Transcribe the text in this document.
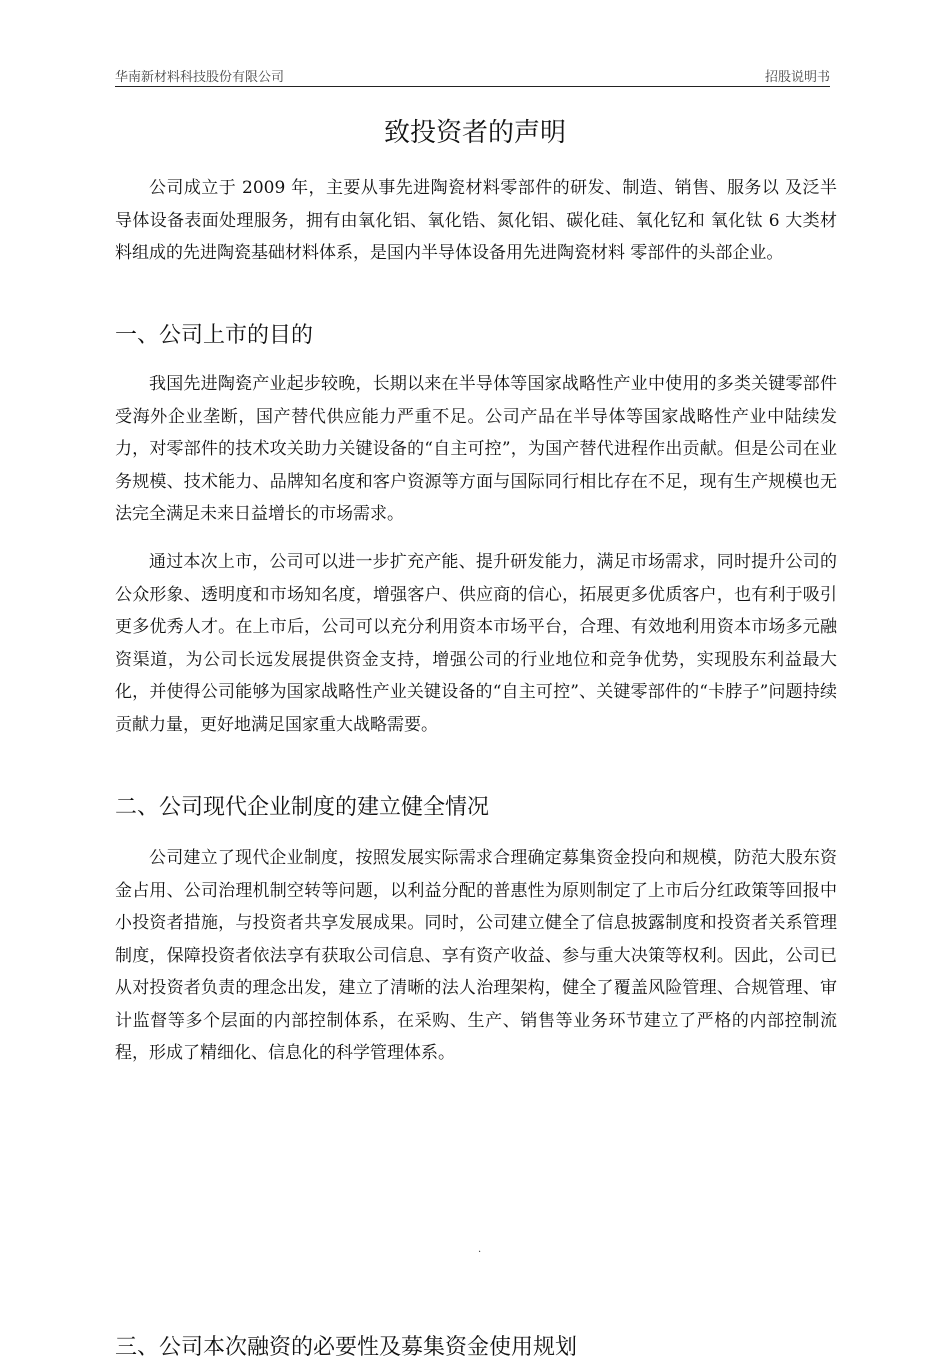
华南新材料科技股份有限公司	招股说明书
致投资者的声明

公司成立于 2009 年，主要从事先进陶瓷材料零部件的研发、制造、销售、服务以 及泛半导体设备表面处理服务，拥有由氧化铝、氧化锆、氮化铝、碳化硅、氧化钇和 氧化钛 6 大类材料组成的先进陶瓷基础材料体系，是国内半导体设备用先进陶瓷材料 零部件的头部企业。

一、公司上市的目的

我国先进陶瓷产业起步较晚，长期以来在半导体等国家战略性产业中使用的多类关键零部件受海外企业垄断，国产替代供应能力严重不足。公司产品在半导体等国家战略性产业中陆续发力，对零部件的技术攻关助力关键设备的“自主可控”，为国产替代进程作出贡献。但是公司在业务规模、技术能力、品牌知名度和客户资源等方面与国际同行相比存在不足，现有生产规模也无法完全满足未来日益增长的市场需求。

通过本次上市，公司可以进一步扩充产能、提升研发能力，满足市场需求，同时提升公司的公众形象、透明度和市场知名度，增强客户、供应商的信心，拓展更多优质客户，也有利于吸引更多优秀人才。在上市后，公司可以充分利用资本市场平台，合理、有效地利用资本市场多元融资渠道，为公司长远发展提供资金支持，增强公司的行业地位和竞争优势，实现股东利益最大化，并使得公司能够为国家战略性产业关键设备的“自主可控”、关键零部件的“卡脖子”问题持续贡献力量，更好地满足国家重大战略需要。

二、公司现代企业制度的建立健全情况

公司建立了现代企业制度，按照发展实际需求合理确定募集资金投向和规模，防范大股东资金占用、公司治理机制空转等问题，以利益分配的普惠性为原则制定了上市后分红政策等回报中小投资者措施，与投资者共享发展成果。同时，公司建立健全了信息披露制度和投资者关系管理制度，保障投资者依法享有获取公司信息、享有资产收益、参与重大决策等权利。因此，公司已从对投资者负责的理念出发，建立了清晰的法人治理架构，健全了覆盖风险管理、合规管理、审计监督等多个层面的内部控制体系，在采购、生产、销售等业务环节建立了严格的内部控制流程，形成了精细化、信息化的科学管理体系。

.
三、公司本次融资的必要性及募集资金使用规划
